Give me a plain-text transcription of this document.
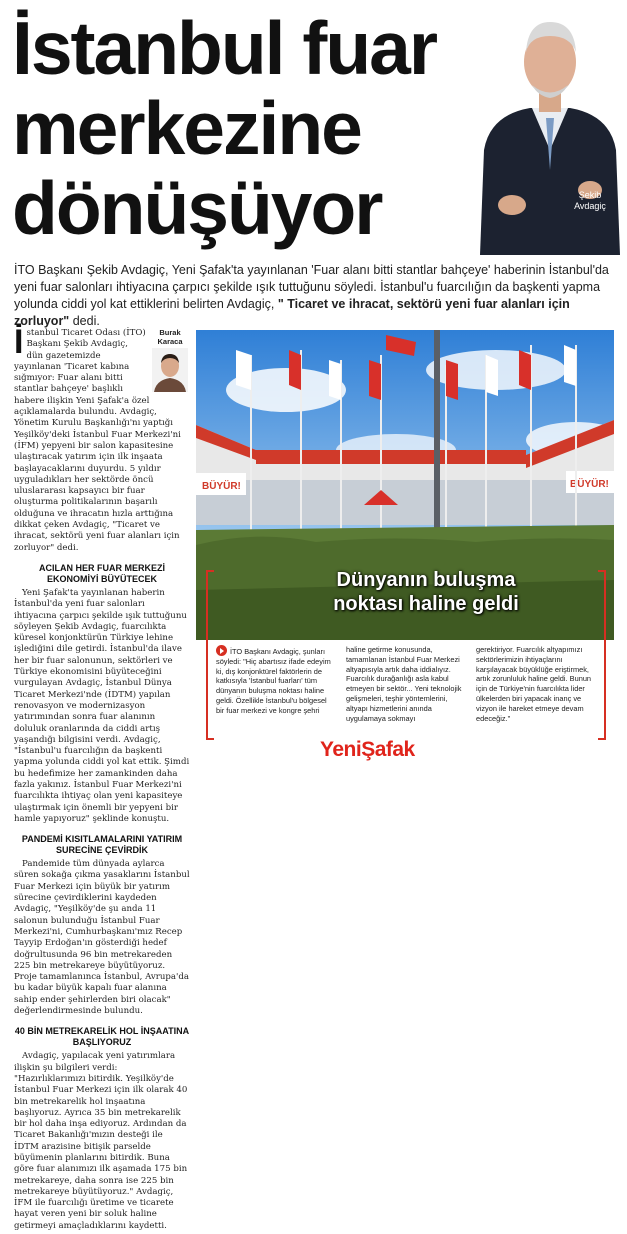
İstanbul fuar
merkezine
dönüşüyor	Şekib
Avdagiç
İTO Başkanı Şekib Avdagiç, Yeni Şafak'ta yayınlanan 'Fuar alanı bitti stantlar bahçeye' haberinin İstanbul'da yeni fuar salonları ihtiyacına çarpıcı şekilde ışık tuttuğunu söyledi. İstanbul'u fuarcılığın da başkenti yapma yolunda ciddi yol kat ettiklerini belirten Avdagiç, " Ticaret ve ihracat, sektörü yeni fuar alanları için zorluyor" dedi.
Burak
Karaca

İstanbul Ticaret Odası (İTO) Başkanı Şekib Avdagiç, dün gazetemizde yayınlanan 'Ticaret kabına sığmıyor: Fuar alanı bitti stantlar bahçeye' başlıklı habere ilişkin Yeni Şafak'a özel açıklamalarda bulundu. Avdagiç, Yönetim Kurulu Başkanlığı'nı yaptığı Yeşilköy'deki İstanbul Fuar Merkezi'ni (İFM) yepyeni bir salon kapasitesine ulaştıracak yatırım için ilk inşaata başlayacaklarını duyurdu. 5 yıldır uyguladıkları her sektörde öncü uluslararası kapsayıcı bir fuar oluşturma politikalarının başarılı olduğuna ve ihracatın hızla arttığına dikkat çeken Avdagiç, "Ticaret ve ihracat, sektörü yeni fuar alanları için zorluyor" dedi.

ACILAN HER FUAR MERKEZİ EKONOMİYİ BÜYÜTECEK

Yeni Şafak'ta yayınlanan haberin İstanbul'da yeni fuar salonları ihtiyacına çarpıcı şekilde ışık tuttuğunu söyleyen Şekib Avdagiç, fuarcılıkta küresel konjonktürün Türkiye lehine işlediğini dile getirdi. İstanbul'da ilave her bir fuar salonunun, sektörleri ve Türkiye ekonomisini büyüteceğini vurgulayan Avdagiç, İstanbul Dünya Ticaret Merkezi'nde (İDTM) yapılan renovasyon ve modernizasyon yatırımından sonra fuar alanının doluluk oranlarında da ciddi artış yaşandığı bilgisini verdi. Avdagiç, "İstanbul'u fuarcılığın da başkenti yapma yolunda ciddi yol kat ettik. Şimdi bu hedefimize her zamankinden daha fazla yakınız. İstanbul Fuar Merkezi'ni fuarcılıkta ihtiyaç olan yeni kapasiteye ulaştırmak için önemli bir yepyeni bir hamle yapıyoruz" şeklinde konuştu.

PANDEMİ KISITLAMALARINI YATIRIM SURECİNE ÇEVİRDİK

Pandemide tüm dünyada aylarca süren sokağa çıkma yasaklarını İstanbul Fuar Merkezi için büyük bir yatırım sürecine çevirdiklerini kaydeden Avdagiç, "Yeşilköy'de şu anda 11 salonun bulunduğu İstanbul Fuar Merkezi'ni, Cumhurbaşkanı'mız Recep Tayyip Erdoğan'ın gösterdiği hedef doğrultusunda 96 bin metrekareden 225 bin metrekareye büyütüyoruz. Proje tamamlanınca İstanbul, Avrupa'da bu kadar büyük kapalı fuar alanına sahip ender şehirlerden biri olacak" değerlendirmesinde bulundu.

40 BİN METREKARELİK HOL İNŞAATINA BAŞLIYORUZ

Avdagiç, yapılacak yeni yatırımlara ilişkin şu bilgileri verdi: "Hazırlıklarımızı bitirdik. Yeşilköy'de İstanbul Fuar Merkezi için ilk olarak 40 bin metrekarelik hol inşaatına başlıyoruz. Ayrıca 35 bin metrekarelik bir hol daha inşa ediyoruz. Ardından da Ticaret Bakanlığı'mızın desteği ile İDTM arazisine bitişik parselde büyümenin planlarını bitirdik. Buna göre fuar alanımızı ilk aşamada 175 bin metrekareye, daha sonra ise 225 bin metrekareye büyütüyoruz." Avdagiç, İFM ile fuarcılığı üretime ve ticarete hayat veren yeni bir soluk haline getirmeyi amaçladıklarını kaydetti.

BÜYÜR!	BÜYÜR!
Dünyanın buluşma
noktası haline geldi
İTO Başkanı Avdagiç, şunları söyledi: "Hiç abartısız ifade edeyim ki, dış konjonktürel faktörlerin de katkısıyla 'İstanbul fuarları' tüm dünyanın buluşma noktası haline geldi. Özellikle İstanbul'u bölgesel bir fuar merkezi ve kongre şehri
haline getirme konusunda, tamamlanan İstanbul Fuar Merkezi altyapısıyla artık daha iddialıyız. Fuarcılık durağanlığı asla kabul etmeyen bir sektör... Yeni teknolojik gelişmeleri, teşhir yöntemlerini, altyapı hizmetlerini anında uygulamaya sokmayı
gerektiriyor. Fuarcılık altyapımızı sektörlerimizin ihtiyaçlarını karşılayacak büyüklüğe eriştirmek, artık zorunluluk haline geldi. Bunun için de Türkiye'nin fuarcılıkta lider ülkelerden biri yapacak inanç ve vizyon ile hareket etmeye devam edeceğiz."
YeniŞafak
